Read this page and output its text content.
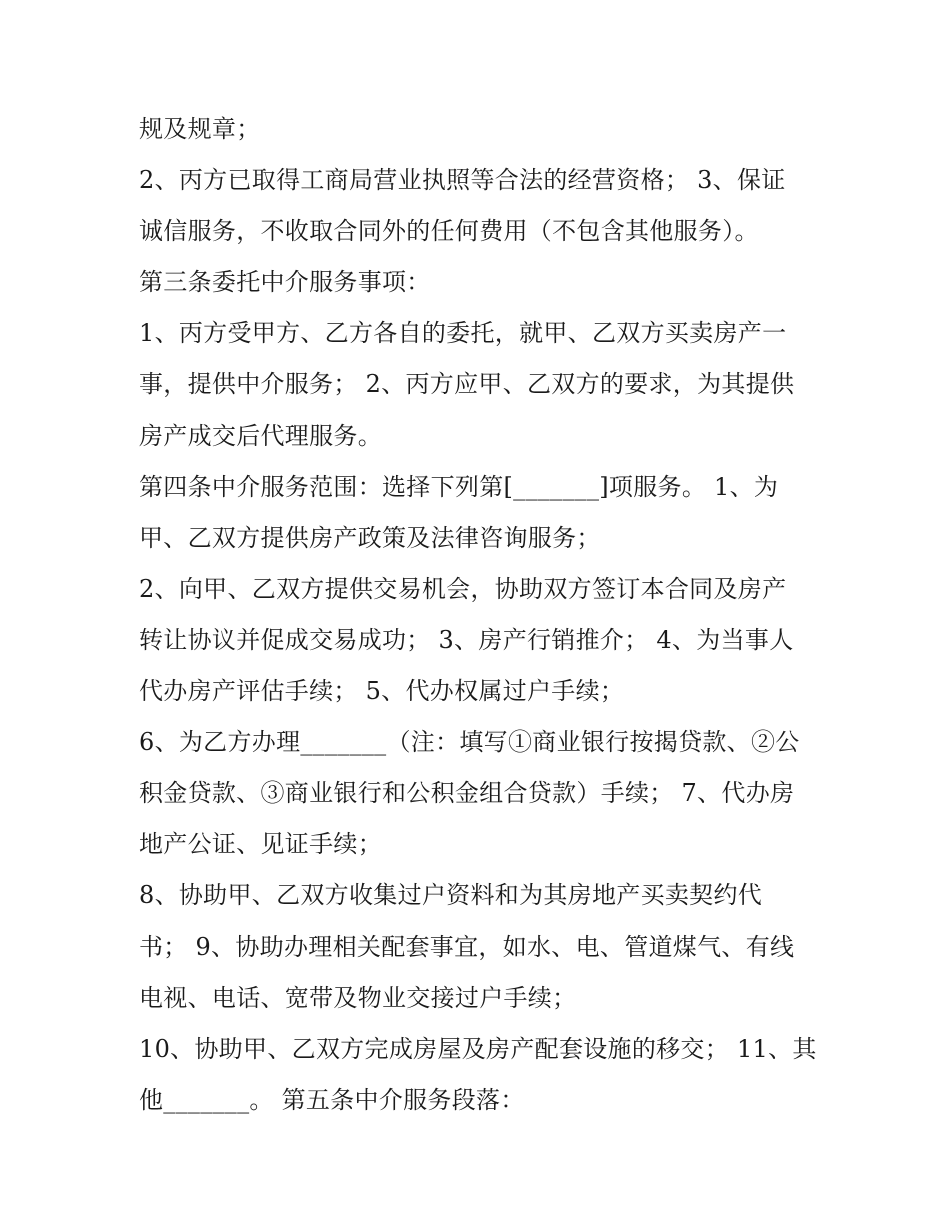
规及规章；
2、丙方已取得工商局营业执照等合法的经营资格； 3、保证
诚信服务，不收取合同外的任何费用（不包含其他服务）。
第三条委托中介服务事项：
1、丙方受甲方、乙方各自的委托，就甲、乙双方买卖房产一
事，提供中介服务； 2、丙方应甲、乙双方的要求，为其提供
房产成交后代理服务。
第四条中介服务范围：选择下列第[_______]项服务。 1、为
甲、乙双方提供房产政策及法律咨询服务；
2、向甲、乙双方提供交易机会，协助双方签订本合同及房产
转让协议并促成交易成功； 3、房产行销推介； 4、为当事人
代办房产评估手续； 5、代办权属过户手续；
6、为乙方办理_______（注：填写①商业银行按揭贷款、②公
积金贷款、③商业银行和公积金组合贷款）手续； 7、代办房
地产公证、见证手续；
8、协助甲、乙双方收集过户资料和为其房地产买卖契约代
书； 9、协助办理相关配套事宜，如水、电、管道煤气、有线
电视、电话、宽带及物业交接过户手续；
10、协助甲、乙双方完成房屋及房产配套设施的移交； 11、其
他_______。 第五条中介服务段落：
